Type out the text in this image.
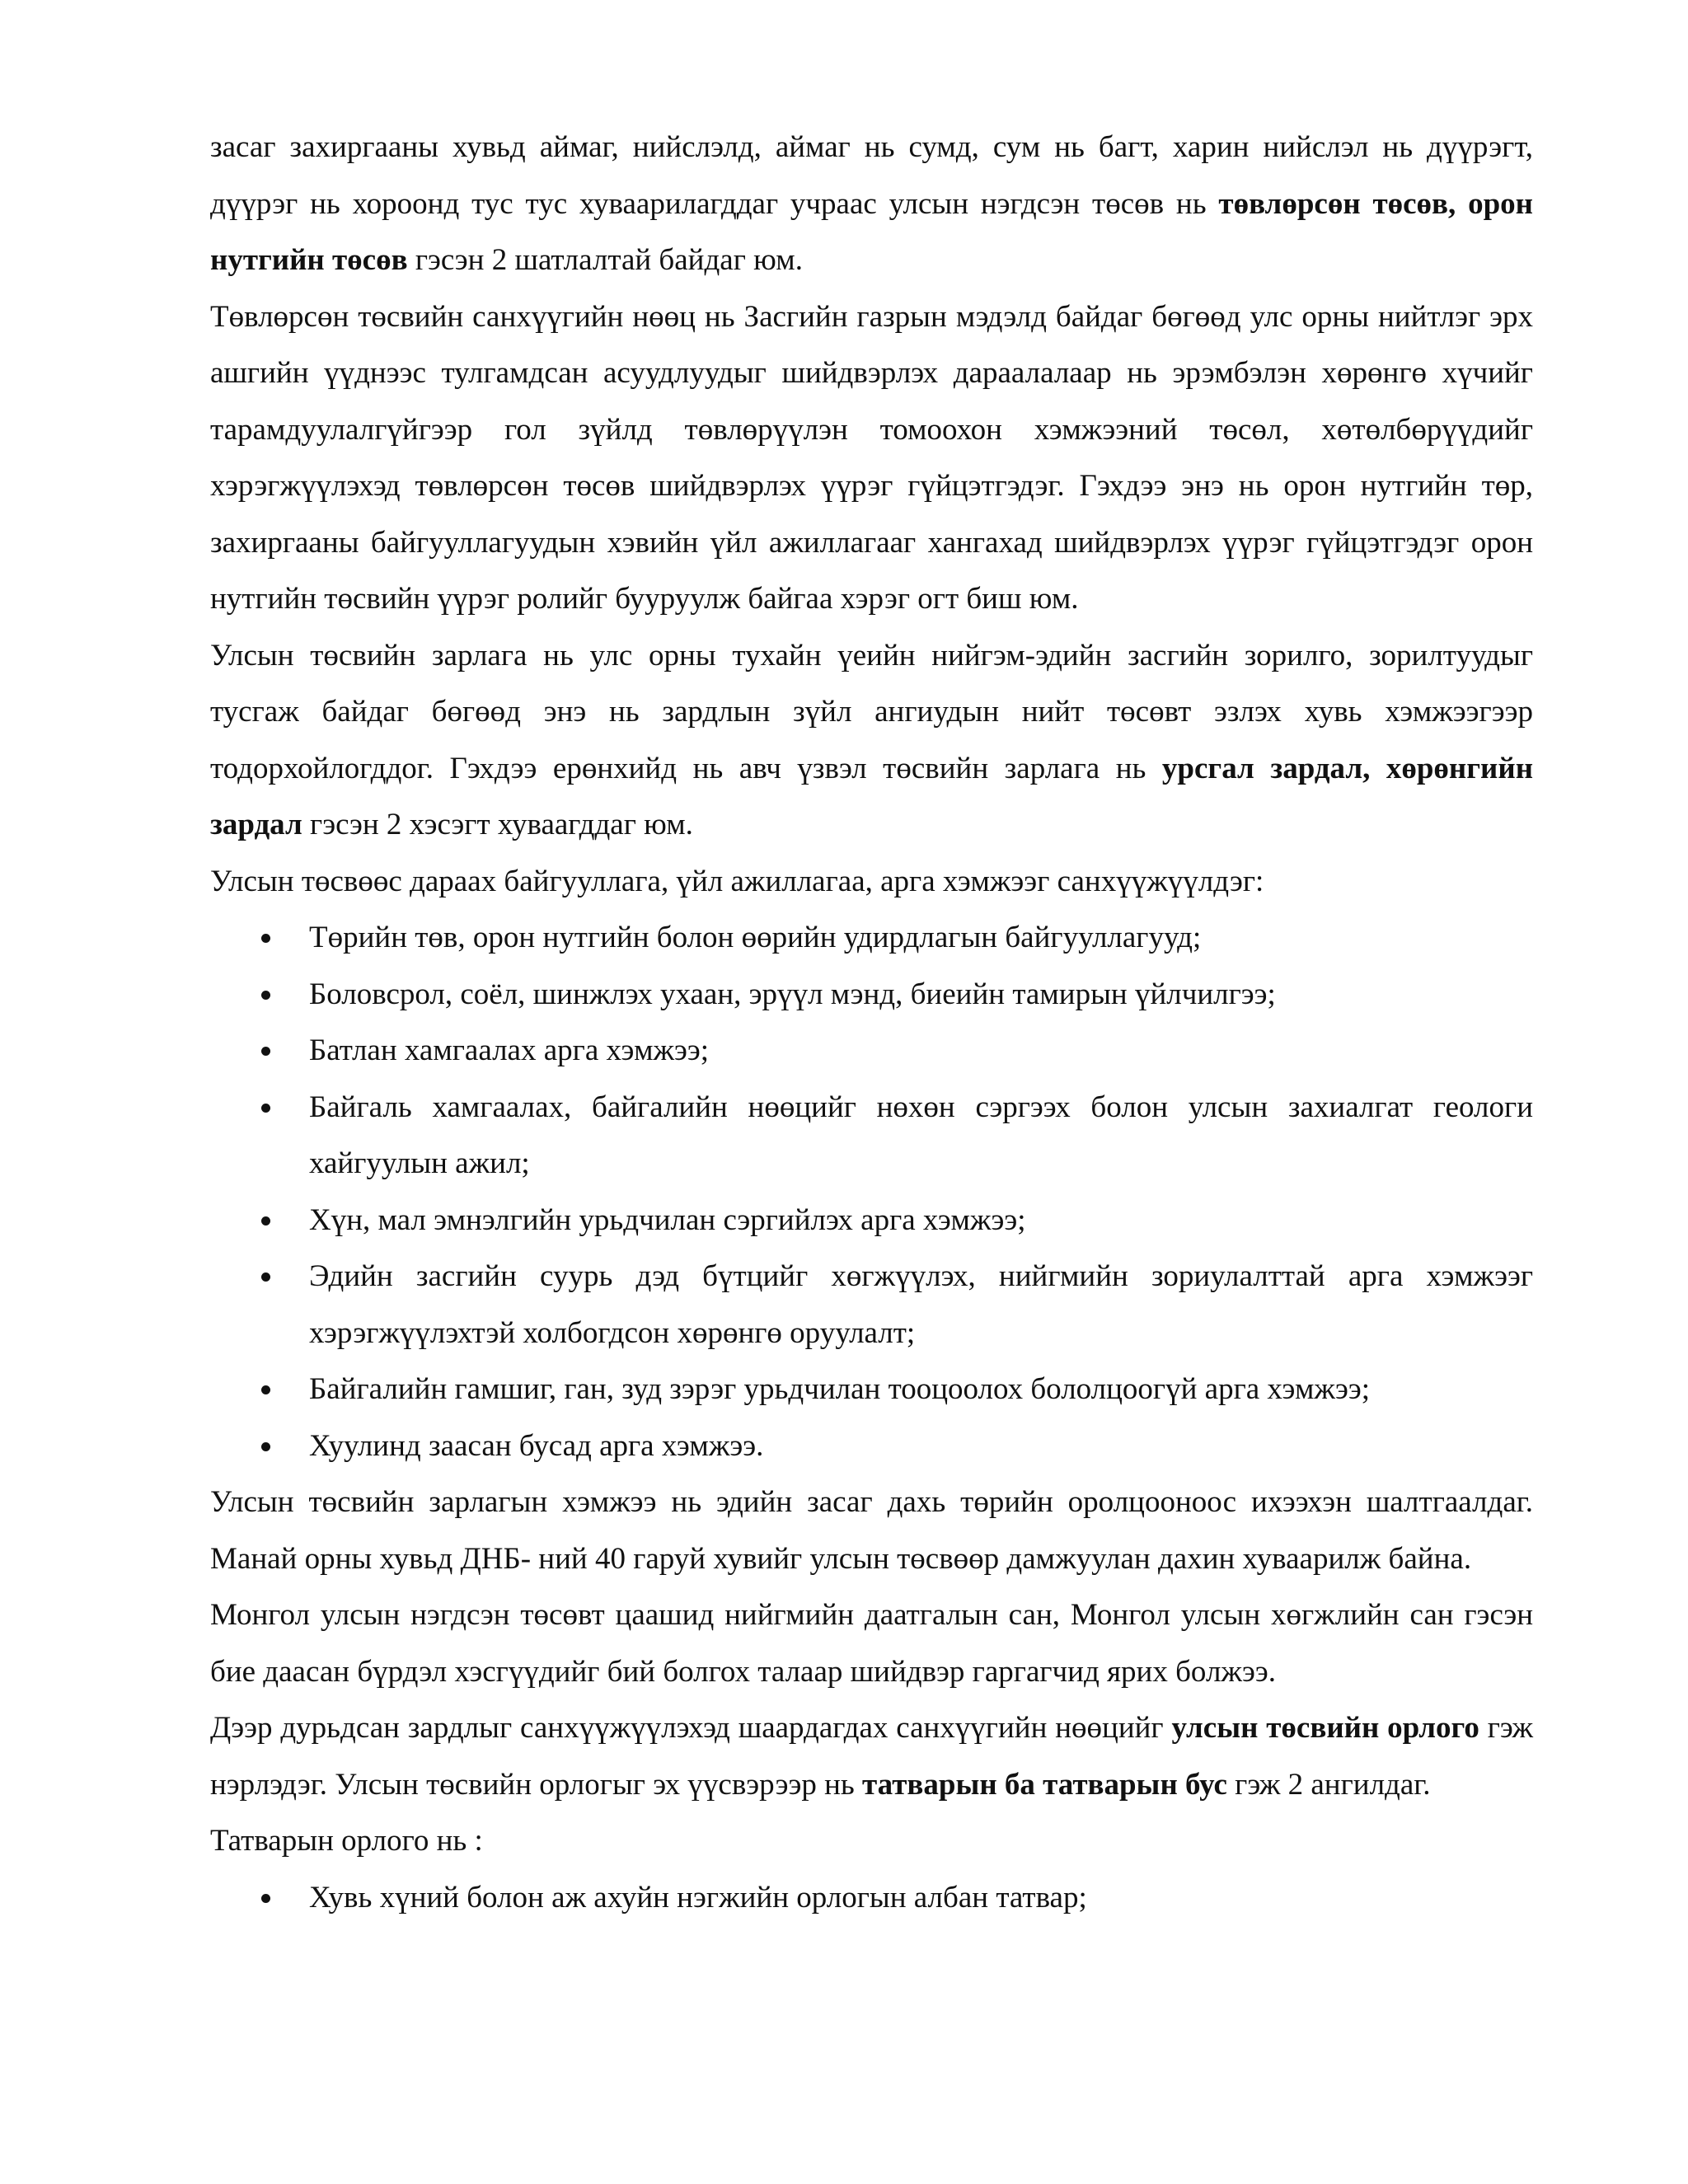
засаг захиргааны хувьд аймаг, нийслэлд, аймаг нь сумд, сум нь багт, харин нийслэл нь дүүрэгт, дүүрэг нь хороонд тус тус хуваарилагддаг учраас улсын нэгдсэн төсөв нь төвлөрсөн төсөв, орон нутгийн төсөв гэсэн 2 шатлалтай байдаг юм.

Төвлөрсөн төсвийн санхүүгийн нөөц нь Засгийн газрын мэдэлд байдаг бөгөөд улс орны нийтлэг эрх ашгийн үүднээс тулгамдсан асуудлуудыг шийдвэрлэх дараалалаар нь эрэмбэлэн хөрөнгө хүчийг тарамдуулалгүйгээр гол зүйлд төвлөрүүлэн томоохон хэмжээний төсөл, хөтөлбөрүүдийг хэрэгжүүлэхэд төвлөрсөн төсөв шийдвэрлэх үүрэг гүйцэтгэдэг. Гэхдээ энэ нь орон нутгийн төр, захиргааны байгууллагуудын хэвийн үйл ажиллагааг хангахад шийдвэрлэх үүрэг гүйцэтгэдэг орон нутгийн төсвийн үүрэг ролийг бууруулж байгаа хэрэг огт биш юм.

Улсын төсвийн зарлага нь улс орны тухайн үеийн нийгэм-эдийн засгийн зорилго, зорилтуудыг тусгаж байдаг бөгөөд энэ нь зардлын зүйл ангиудын нийт төсөвт эзлэх хувь хэмжээгээр тодорхойлогддог. Гэхдээ ерөнхийд нь авч үзвэл төсвийн зарлага нь урсгал зардал, хөрөнгийн зардал гэсэн 2 хэсэгт хуваагддаг юм.

Улсын төсвөөс дараах байгууллага, үйл ажиллагаа, арга хэмжээг санхүүжүүлдэг:

Төрийн төв, орон нутгийн болон өөрийн удирдлагын байгууллагууд;
Боловсрол, соёл, шинжлэх ухаан, эрүүл мэнд, биеийн тамирын үйлчилгээ;
Батлан хамгаалах арга хэмжээ;
Байгаль хамгаалах, байгалийн нөөцийг нөхөн сэргээх болон улсын захиалгат геологи хайгуулын ажил;
Хүн, мал эмнэлгийн урьдчилан сэргийлэх арга хэмжээ;
Эдийн засгийн суурь дэд бүтцийг хөгжүүлэх, нийгмийн зориулалттай арга хэмжээг хэрэгжүүлэхтэй холбогдсон хөрөнгө оруулалт;
Байгалийн гамшиг, ган, зуд зэрэг урьдчилан тооцоолох бололцоогүй арга хэмжээ;
Хуулинд заасан бусад арга хэмжээ.

Улсын төсвийн зарлагын хэмжээ нь эдийн засаг дахь төрийн оролцооноос ихээхэн шалтгаалдаг. Манай орны хувьд ДНБ- ний 40 гаруй хувийг улсын төсвөөр дамжуулан дахин хуваарилж байна.

Монгол улсын нэгдсэн төсөвт цаашид нийгмийн даатгалын сан, Монгол улсын хөгжлийн сан гэсэн бие даасан бүрдэл хэсгүүдийг бий болгох талаар шийдвэр гаргагчид ярих болжээ.

Дээр дурьдсан зардлыг санхүүжүүлэхэд шаардагдах санхүүгийн нөөцийг улсын төсвийн орлого гэж нэрлэдэг. Улсын төсвийн орлогыг эх үүсвэрээр нь татварын ба татварын бус гэж 2 ангилдаг.

Татварын орлого нь :

Хувь хүний болон аж ахуйн нэгжийн орлогын албан татвар;
